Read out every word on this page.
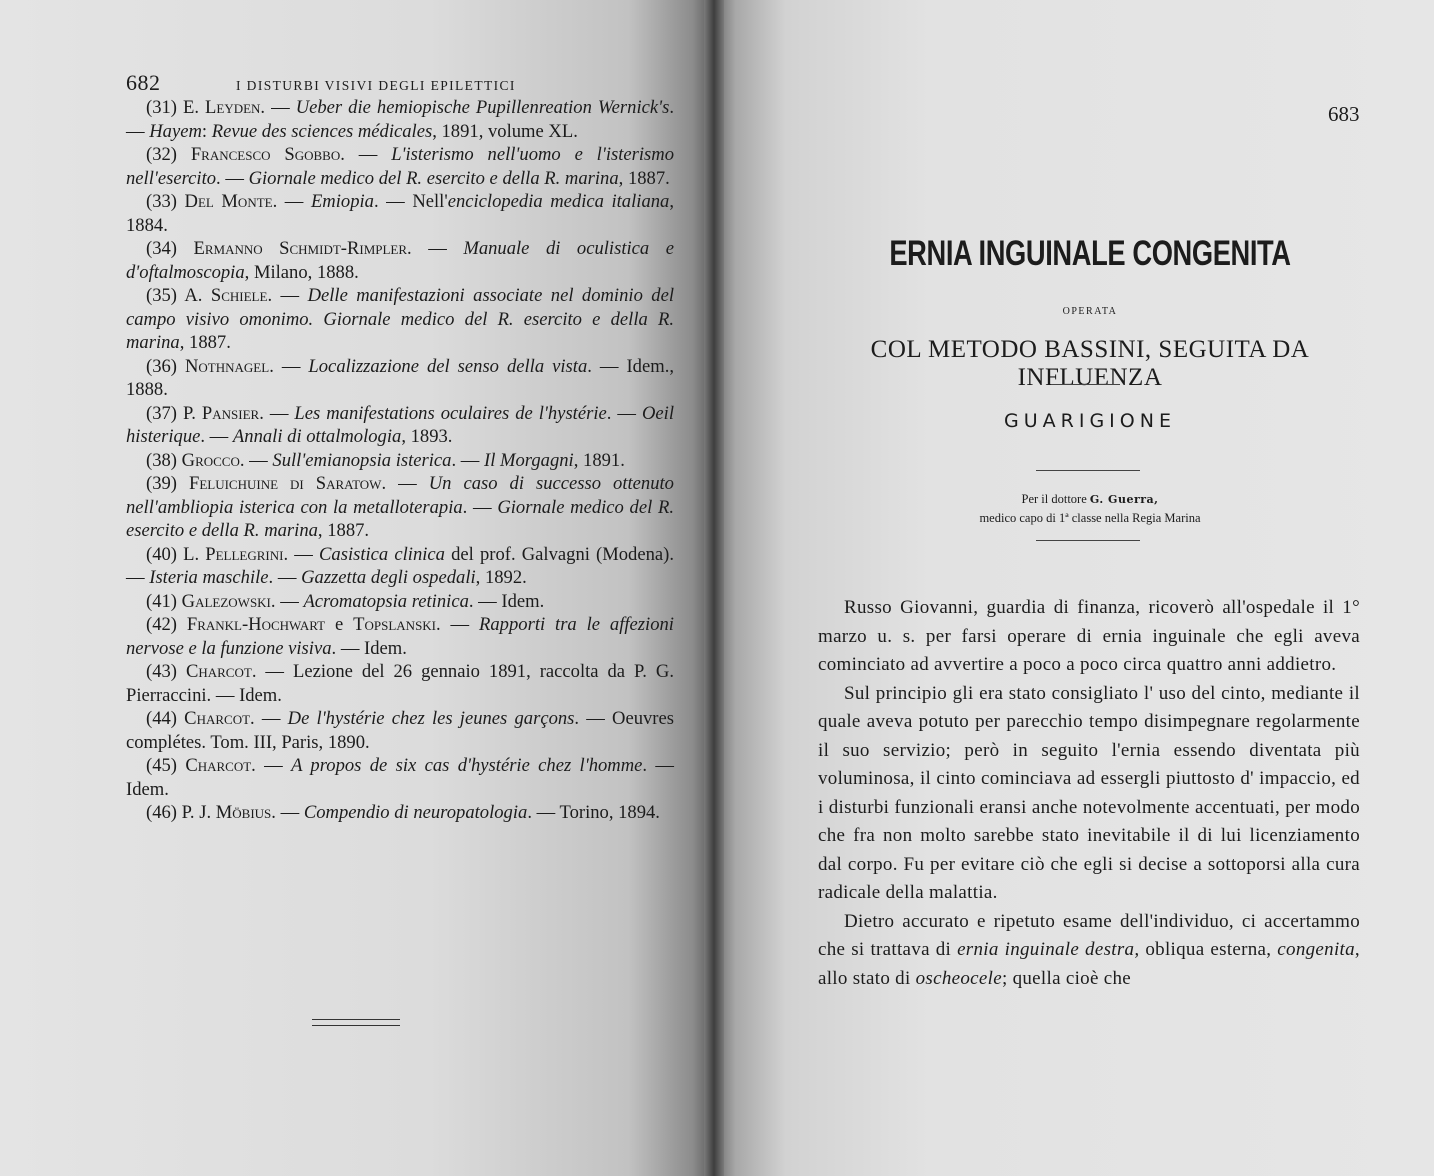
682	I DISTURBI VISIVI DEGLI EPILETTICI

(31) E. Leyden. — Ueber die hemiopische Pupillenreation Wernick's. — Hayem: Revue des sciences médicales, 1891, volume XL.

(32) Francesco Sgobbo. — L'isterismo nell'uomo e l'isterismo nell'esercito. — Giornale medico del R. esercito e della R. marina, 1887.

(33) Del Monte. — Emiopia. — Nell'enciclopedia medica italiana, 1884.

(34) Ermanno Schmidt-Rimpler. — Manuale di oculistica e d'oftalmoscopia, Milano, 1888.

(35) A. Schiele. — Delle manifestazioni associate nel dominio del campo visivo omonimo. Giornale medico del R. esercito e della R. marina, 1887.

(36) Nothnagel. — Localizzazione del senso della vista. — Idem., 1888.

(37) P. Pansier. — Les manifestations oculaires de l'hystérie. — Oeil histerique. — Annali di ottalmologia, 1893.

(38) Grocco. — Sull'emianopsia isterica. — Il Morgagni, 1891.

(39) Feluichuine di Saratow. — Un caso di successo ottenuto nell'ambliopia isterica con la metalloterapia. — Giornale medico del R. esercito e della R. marina, 1887.

(40) L. Pellegrini. — Casistica clinica del prof. Galvagni (Modena). — Isteria maschile. — Gazzetta degli ospedali, 1892.

(41) Galezowski. — Acromatopsia retinica. — Idem.

(42) Frankl-Hochwart e Topslanski. — Rapporti tra le affezioni nervose e la funzione visiva. — Idem.

(43) Charcot. — Lezione del 26 gennaio 1891, raccolta da P. G. Pierraccini. — Idem.

(44) Charcot. — De l'hystérie chez les jeunes garçons. — Oeuvres complétes. Tom. III, Paris, 1890.

(45) Charcot. — A propos de six cas d'hystérie chez l'homme. — Idem.

(46) P. J. Möbius. — Compendio di neuropatologia. — Torino, 1894.

683
ERNIA INGUINALE CONGENITA
OPERATA
COL METODO BASSINI, SEGUITA DA INFLUENZA
GUARIGIONE
Per il dottore G. Guerra,
medico capo di 1ª classe nella Regia Marina

Russo Giovanni, guardia di finanza, ricoverò all'ospedale il 1° marzo u. s. per farsi operare di ernia inguinale che egli aveva cominciato ad avvertire a poco a poco circa quattro anni addietro.

Sul principio gli era stato consigliato l' uso del cinto, mediante il quale aveva potuto per parecchio tempo disimpegnare regolarmente il suo servizio; però in seguito l'ernia essendo diventata più voluminosa, il cinto cominciava ad essergli piuttosto d' impaccio, ed i disturbi funzionali eransi anche notevolmente accentuati, per modo che fra non molto sarebbe stato inevitabile il di lui licenziamento dal corpo. Fu per evitare ciò che egli si decise a sottoporsi alla cura radicale della malattia.

Dietro accurato e ripetuto esame dell'individuo, ci accertammo che si trattava di ernia inguinale destra, obliqua esterna, congenita, allo stato di oscheocele; quella cioè che
